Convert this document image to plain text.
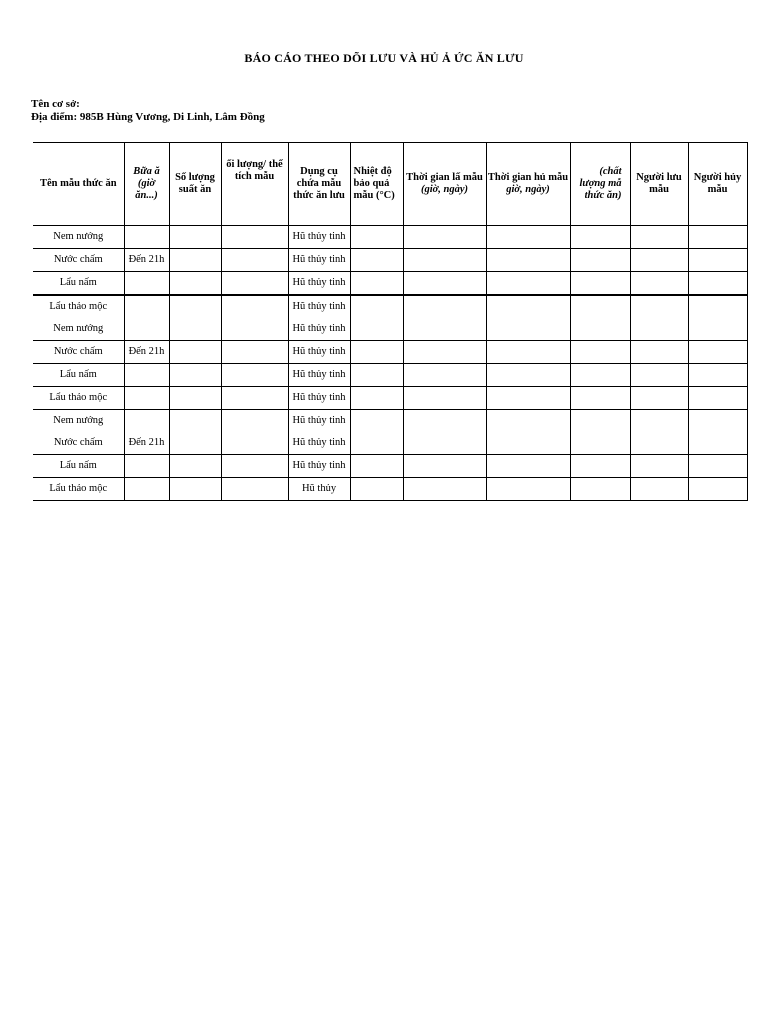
BÁO CÁO THEO DÕI LƯU VÀ HỦ Ả ỨC ĂN LƯU
Tên cơ sở:
Địa điểm: 985B Hùng Vương, Di Linh, Lâm Đồng
Tên mẫu thức ăn	Bữa ă (giờ ăn...)	Số lượng suất ăn	ối lượng/ thể tích mẫu	Dụng cụ chứa mẫu thức ăn lưu	Nhiệt độ bảo quả mẫu (°C)	Thời gian lấ mẫu (giờ, ngày)	Thời gian hủ mẫu giờ, ngày)	(chất lượng mẫ thức ăn)	Người lưu mẫu	Người hủy mẫu
Nem nướng				Hũ thủy tinh						
Nước chấm	Đến 21h			Hũ thủy tinh						
Lẩu nấm				Hũ thủy tinh						
Lẩu thảo mộc				Hũ thủy tinh						
Nem nướng				Hũ thủy tinh						
Nước chấm	Đến 21h			Hũ thủy tinh						
Lẩu nấm				Hũ thủy tinh						
Lẩu thảo mộc				Hũ thủy tinh						
Nem nướng				Hũ thủy tinh						
Nước chấm	Đến 21h			Hũ thủy tinh						
Lẩu nấm				Hũ thủy tinh						
Lẩu thảo mộc				Hũ thủy						
